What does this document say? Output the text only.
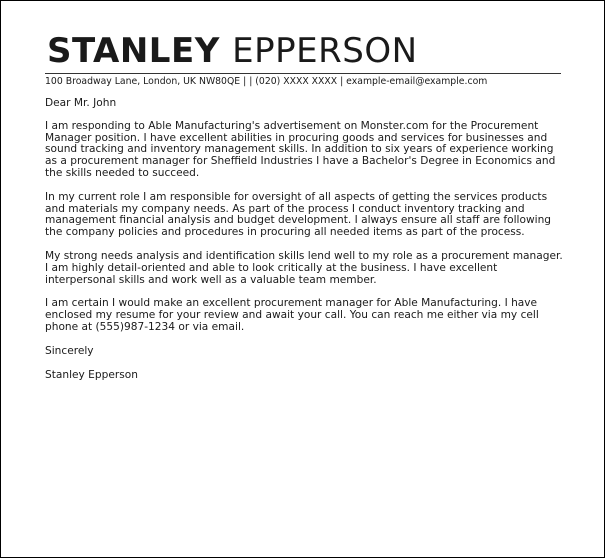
STANLEY EPPERSON
100 Broadway Lane, London, UK NW80QE | | (020) XXXX XXXX | example-email@example.com

Dear Mr. John

I am responding to Able Manufacturing's advertisement on Monster.com for the Procurement Manager position. I have excellent abilities in procuring goods and services for businesses and sound tracking and inventory management skills. In addition to six years of experience working as a procurement manager for Sheffield Industries I have a Bachelor's Degree in Economics and the skills needed to succeed.

In my current role I am responsible for oversight of all aspects of getting the services products and materials my company needs. As part of the process I conduct inventory tracking and management financial analysis and budget development. I always ensure all staff are following the company policies and procedures in procuring all needed items as part of the process.

My strong needs analysis and identification skills lend well to my role as a procurement manager. I am highly detail-oriented and able to look critically at the business. I have excellent interpersonal skills and work well as a valuable team member.

I am certain I would make an excellent procurement manager for Able Manufacturing. I have enclosed my resume for your review and await your call. You can reach me either via my cell phone at (555)987-1234 or via email.

Sincerely

Stanley Epperson
